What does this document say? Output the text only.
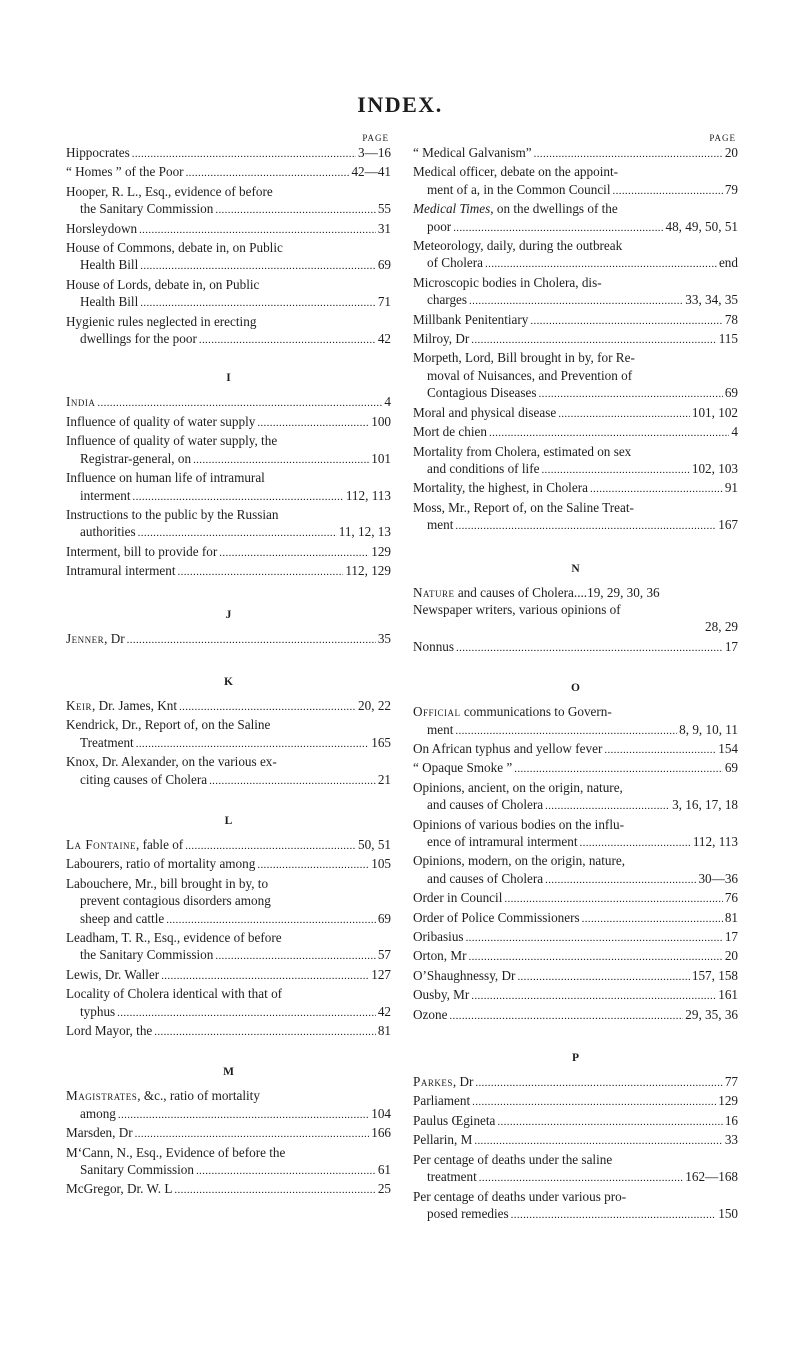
INDEX.
PAGE
Hippocrates . . .	3—16
“ Homes ” of the Poor . . .	42—41
Hooper, R. L., Esq., evidence of before
the Sanitary Commission . . .	55
Horsleydown . . .	31
House of Commons, debate in, on Public
Health Bill . . .	69
House of Lords, debate in, on Public
Health Bill . . .	71
Hygienic rules neglected in erecting
dwellings for the poor . . .	42
I
India . . .	4
Influence of quality of water supply . . .	100
Influence of quality of water supply, the
Registrar-general, on . . .	101
Influence on human life of intramural
interment . . .	112, 113
Instructions to the public by the Russian
authorities . . .	11, 12, 13
Interment, bill to provide for . . .	129
Intramural interment . . .	112, 129
J
Jenner, Dr . . .	35
K
Keir, Dr. James, Knt . . .	20, 22
Kendrick, Dr., Report of, on the Saline
Treatment . . .	165
Knox, Dr. Alexander, on the various ex-
citing causes of Cholera . . .	21
L
La Fontaine, fable of . . .	50, 51
Labourers, ratio of mortality among . . .	105
Labouchere, Mr., bill brought in by, to
prevent contagious disorders among
sheep and cattle . . .	69
Leadham, T. R., Esq., evidence of before
the Sanitary Commission . . .	57
Lewis, Dr. Waller . . .	127
Locality of Cholera identical with that of
typhus . . .	42
Lord Mayor, the . . .	81
M
Magistrates, &c., ratio of mortality
among . . .	104
Marsden, Dr . . .	166
M‘Cann, N., Esq., Evidence of before the
Sanitary Commission . . .	61
McGregor, Dr. W. L . . .	25
PAGE
“ Medical Galvanism” . . .	20
Medical officer, debate on the appoint-
ment of a, in the Common Council . . .	79
Medical Times, on the dwellings of the
poor . . .	48, 49, 50, 51
Meteorology, daily, during the outbreak
of Cholera . . .	end
Microscopic bodies in Cholera, dis-
charges . . .	33, 34, 35
Millbank Penitentiary . . .	78
Milroy, Dr . . .	115
Morpeth, Lord, Bill brought in by, for Re-
moval of Nuisances, and Prevention of
Contagious Diseases . . .	69
Moral and physical disease . . .	101, 102
Mort de chien . . .	4
Mortality from Cholera, estimated on sex
and conditions of life . . .	102, 103
Mortality, the highest, in Cholera . . .	91
Moss, Mr., Report of, on the Saline Treat-
ment . . .	167
N
Nature and causes of Cholera....19, 29, 30, 36
Newspaper writers, various opinions of
28, 29
Nonnus . . .	17
O
Official communications to Govern-
ment . . .	8, 9, 10, 11
On African typhus and yellow fever . . .	154
“ Opaque Smoke ” . . .	69
Opinions, ancient, on the origin, nature,
and causes of Cholera . . .	3, 16, 17, 18
Opinions of various bodies on the influ-
ence of intramural interment . . .	112, 113
Opinions, modern, on the origin, nature,
and causes of Cholera . . .	30—36
Order in Council . . .	76
Order of Police Commissioners . . .	81
Oribasius . . .	17
Orton, Mr . . .	20
O’Shaughnessy, Dr . . .	157, 158
Ousby, Mr . . .	161
Ozone . . .	29, 35, 36
P
Parkes, Dr . . .	77
Parliament . . .	129
Paulus Œgineta . . .	16
Pellarin, M . . .	33
Per centage of deaths under the saline
treatment . . .	162—168
Per centage of deaths under various pro-
posed remedies . . .	150
